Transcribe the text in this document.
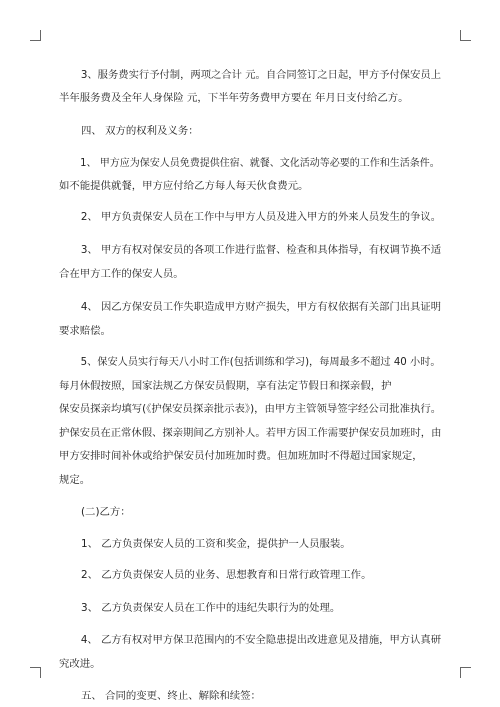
3、服务费实行予付制，两项之合计 元。自合同签订之日起，甲方予付保安员上
半年服务费及全年人身保险 元，下半年劳务费甲方要在 年月日支付给乙方。
四、 双方的权利及义务：
1、 甲方应为保安人员免费提供住宿、就餐、文化活动等必要的工作和生活条件。
如不能提供就餐，甲方应付给乙方每人每天伙食费元。
2、 甲方负责保安人员在工作中与甲方人员及进入甲方的外来人员发生的争议。
3、 甲方有权对保安员的各项工作进行监督、检查和具体指导，有权调节换不适
合在甲方工作的保安人员。
4、 因乙方保安员工作失职造成甲方财产损失，甲方有权依据有关部门出具证明
要求赔偿。
5、保安人员实行每天八小时工作(包括训练和学习)，每周最多不超过 40 小时。
每月休假按照，国家法规乙方保安员假期，享有法定节假日和探亲假，护
保安员探亲均填写(《护保安员探亲批示表》)，由甲方主管领导签字经公司批准执行。
护保安员在正常休假、探亲期间乙方别补人。若甲方因工作需要护保安员加班时，由
甲方安排时间补休或给护保安员付加班加时费。但加班加时不得超过国家规定，
规定。
(二)乙方：
1、 乙方负责保安人员的工资和奖金，提供护一人员服装。
2、 乙方负责保安人员的业务、思想教育和日常行政管理工作。
3、 乙方负责保安人员在工作中的违纪失职行为的处理。
4、 乙方有权对甲方保卫范围内的不安全隐患提出改进意见及措施，甲方认真研
究改进。
五、 合同的变更、终止、解除和续签：
